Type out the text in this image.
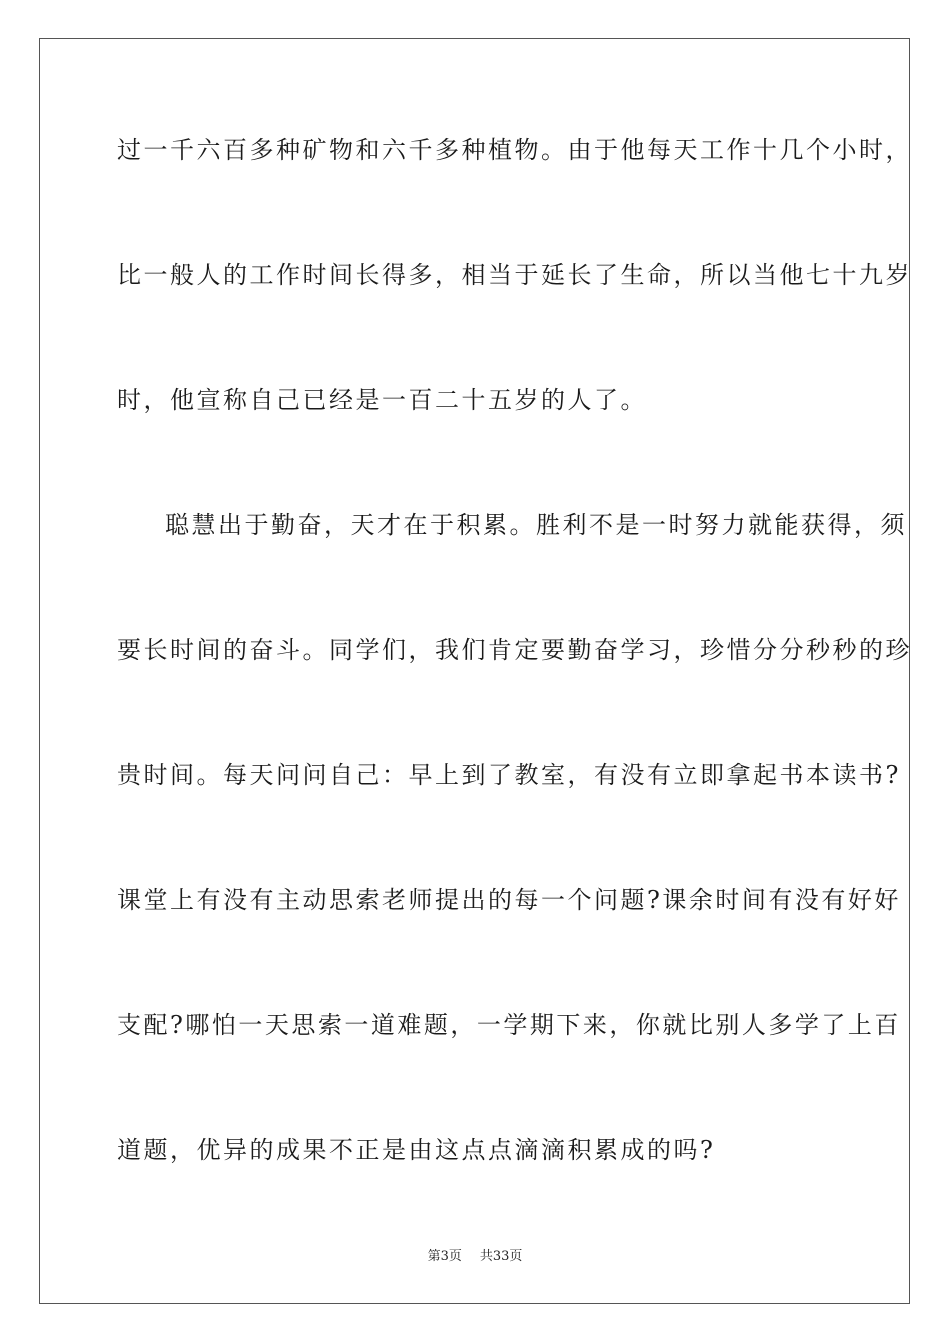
过一千六百多种矿物和六千多种植物。由于他每天工作十几个小时，
比一般人的工作时间长得多，相当于延长了生命，所以当他七十九岁
时，他宣称自己已经是一百二十五岁的人了。
聪慧出于勤奋，天才在于积累。胜利不是一时努力就能获得，须
要长时间的奋斗。同学们，我们肯定要勤奋学习，珍惜分分秒秒的珍
贵时间。每天问问自己：早上到了教室，有没有立即拿起书本读书?
课堂上有没有主动思索老师提出的每一个问题?课余时间有没有好好
支配?哪怕一天思索一道难题，一学期下来，你就比别人多学了上百
道题，优异的成果不正是由这点点滴滴积累成的吗?
第3页 共33页
